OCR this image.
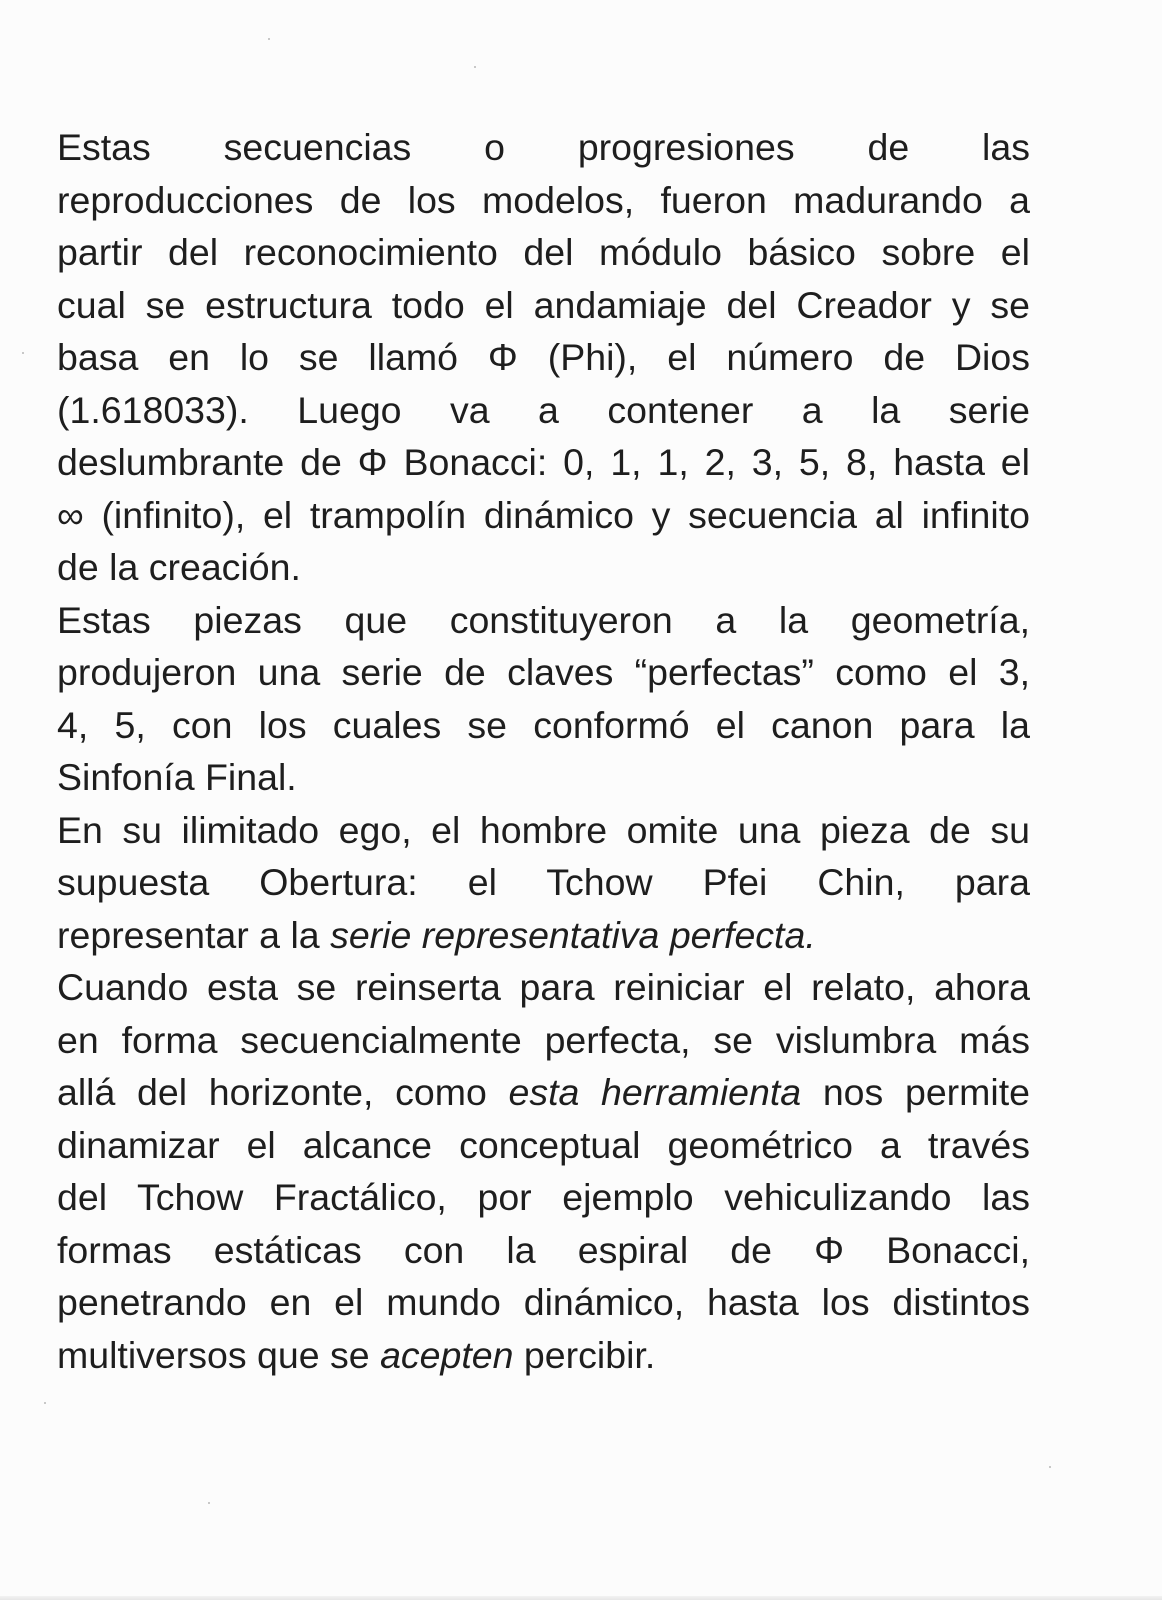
Estas secuencias o progresiones de las
reproducciones de los modelos, fueron madurando a
partir del reconocimiento del módulo básico sobre el
cual se estructura todo el andamiaje del Creador y se
basa en lo se llamó Φ (Phi), el número de Dios
(1.618033). Luego va a contener a la serie
deslumbrante de Φ Bonacci: 0, 1, 1, 2, 3, 5, 8, hasta el
∞ (infinito), el trampolín dinámico y secuencia al infinito
de la creación.

Estas piezas que constituyeron a la geometría,
produjeron una serie de claves “perfectas” como el 3,
4, 5, con los cuales se conformó el canon para la
Sinfonía Final.

En su ilimitado ego, el hombre omite una pieza de su
supuesta Obertura: el Tchow Pfei Chin, para
representar a la serie representativa perfecta.

Cuando esta se reinserta para reiniciar el relato, ahora
en forma secuencialmente perfecta, se vislumbra más
allá del horizonte, como esta herramienta nos permite
dinamizar el alcance conceptual geométrico a través
del Tchow Fractálico, por ejemplo vehiculizando las
formas estáticas con la espiral de Φ Bonacci,
penetrando en el mundo dinámico, hasta los distintos
multiversos que se acepten percibir.
